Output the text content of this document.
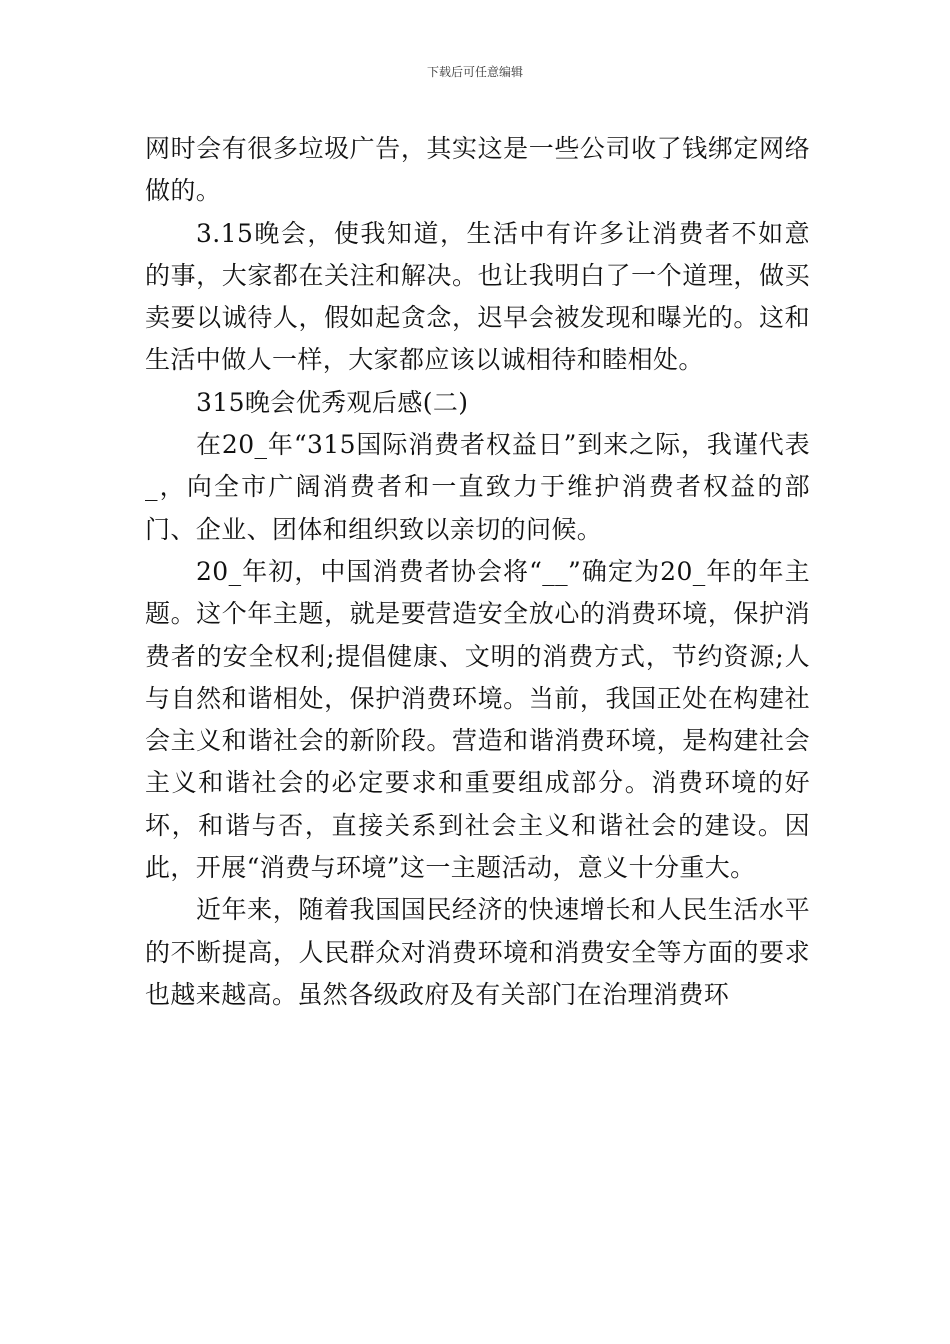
下载后可任意编辑

网时会有很多垃圾广告，其实这是一些公司收了钱绑定网络做的。

3.15晚会，使我知道，生活中有许多让消费者不如意的事，大家都在关注和解决。也让我明白了一个道理，做买卖要以诚待人，假如起贪念，迟早会被发现和曝光的。这和生活中做人一样，大家都应该以诚相待和睦相处。

315晚会优秀观后感(二)

在20_年“315国际消费者权益日”到来之际，我谨代表_，向全市广阔消费者和一直致力于维护消费者权益的部门、企业、团体和组织致以亲切的问候。

20_年初，中国消费者协会将“__”确定为20_年的年主题。这个年主题，就是要营造安全放心的消费环境，保护消费者的安全权利;提倡健康、文明的消费方式，节约资源;人与自然和谐相处，保护消费环境。当前，我国正处在构建社会主义和谐社会的新阶段。营造和谐消费环境，是构建社会主义和谐社会的必定要求和重要组成部分。消费环境的好坏，和谐与否，直接关系到社会主义和谐社会的建设。因此，开展“消费与环境”这一主题活动，意义十分重大。

近年来，随着我国国民经济的快速增长和人民生活水平的不断提高，人民群众对消费环境和消费安全等方面的要求也越来越高。虽然各级政府及有关部门在治理消费环
